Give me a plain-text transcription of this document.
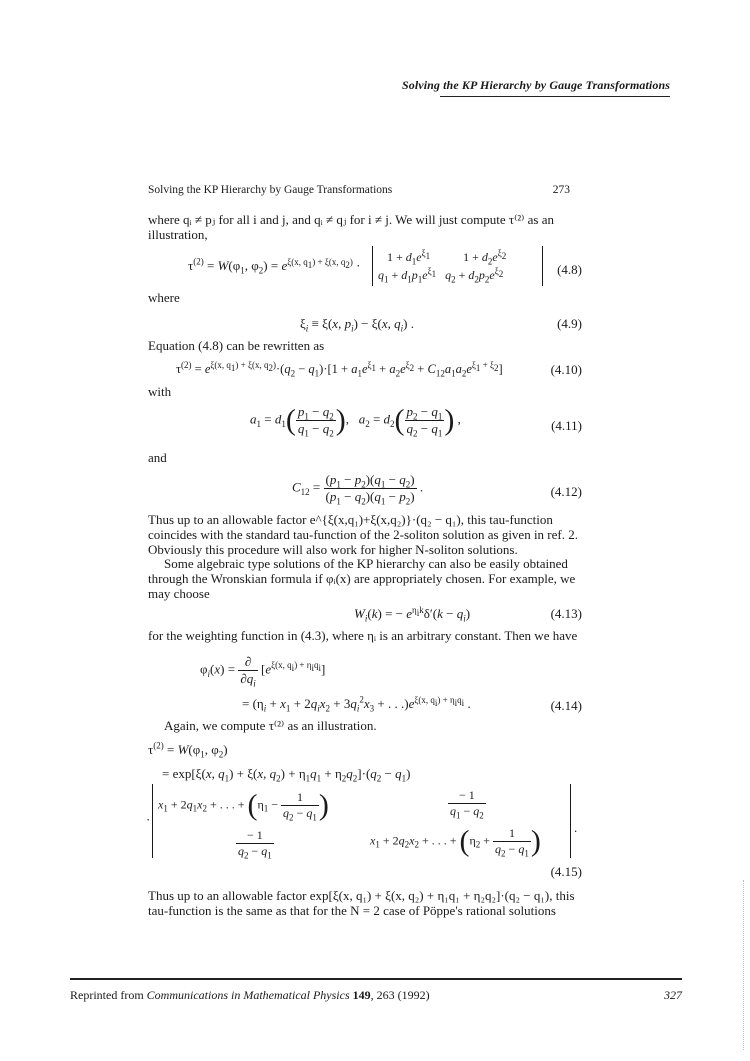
Solving the KP Hierarchy by Gauge Transformations
Solving the KP Hierarchy by Gauge Transformations	273
where qᵢ ≠ pⱼ for all i and j, and qᵢ ≠ qⱼ for i ≠ j. We will just compute τ⁽²⁾ as an illustration,
$\tau^{(2)} = W(\varphi_1$, $\varphi_2) = e^{\xi(x, q_1) + \xi(x, q_2)}$ ·
$1 + d_1e^{\xi_1}$           $1 + d_2e^{\xi_2}$
$q_1 + d_1p_1e^{\xi_1}$ $q_2 + d_2p_2e^{\xi_2}$	(4.8)
where
$\xi_i \equiv \xi(x$, $p_i) - \xi(x$, $q_i$) .	(4.9)
Equation (4.8) can be rewritten as
$\tau^{(2)} = e^{\xi(x, q_1) + \xi(x, q_2)}\cdot(q_2 - q_1)\cdot[1 + a_1e^{\xi_1} + a_2e^{\xi_2} + C_{12}a_1a_2e^{\xi_1 + \xi_2}]$	(4.10)
with
$a_1 = d_1( \frac{p_1 - q_2}{q_1 - q_2}$ ),   $a_2 = d_2( \frac{p_2 - q_1}{q_2 - q_1}$ ) ,	(4.11)
and
$C_{12} = \frac{(p_1 - p_2)(q_1 - q_2)}{(p_1 - q_2)(q_1 - p_2)}$ .	(4.12)
Thus up to an allowable factor e^{ξ(x,q₁)+ξ(x,q₂)}·(q₂ − q₁), this tau-function coincides with the standard tau-function of the 2-soliton solution as given in ref. 2. Obviously this procedure will also work for higher N-soliton solutions.
Some algebraic type solutions of the KP hierarchy can also be easily obtained through the Wronskian formula if φᵢ(x) are appropriately chosen. For example, we may choose
$W_i(k)$ = − $e^{\eta_ik}\delta'(k - q_i)$	(4.13)
for the weighting function in (4.3), where ηᵢ is an arbitrary constant. Then we have
$\varphi_i(x) = \frac{\partial}{\partial q_i} [e^{\xi(x, q_i) + \eta_iq_i}]$
= ($\eta_i + x_1 + 2q_ix_2 + 3q_i^2x_3$ + . . $.)e^{\xi(x, q_i) + \eta_iq_i}$ .	(4.14)
Again, we compute τ⁽²⁾ as an illustration.
$\tau^{(2)} = W(\varphi_1$, $\varphi_2$)
= exp[ξ(x, $q_1) + \xi(x$, $q_2) + \eta_1q_1 + \eta_2q_2]\cdot(q_2 - q_1)$
·
$x_1 + 2q_1x_2$ + . . . + ($\eta_1 - \frac{1}{q_2 - q_1}$ )	$\frac{- 1}{q_1 - q_2}$
$\frac{- 1}{q_2 - q_1}$	$x_1 + 2q_2x_2$ + . . . + ($\eta_2 + \frac{1}{q_2 - q_1}$ )	.
(4.15)
Thus up to an allowable factor exp[ξ(x, q₁) + ξ(x, q₂) + η₁q₁ + η₂q₂]·(q₂ − q₁), this tau-function is the same as that for the N = 2 case of Pöppe's rational solutions
Reprinted from Communications in Mathematical Physics 149, 263 (1992)	327
